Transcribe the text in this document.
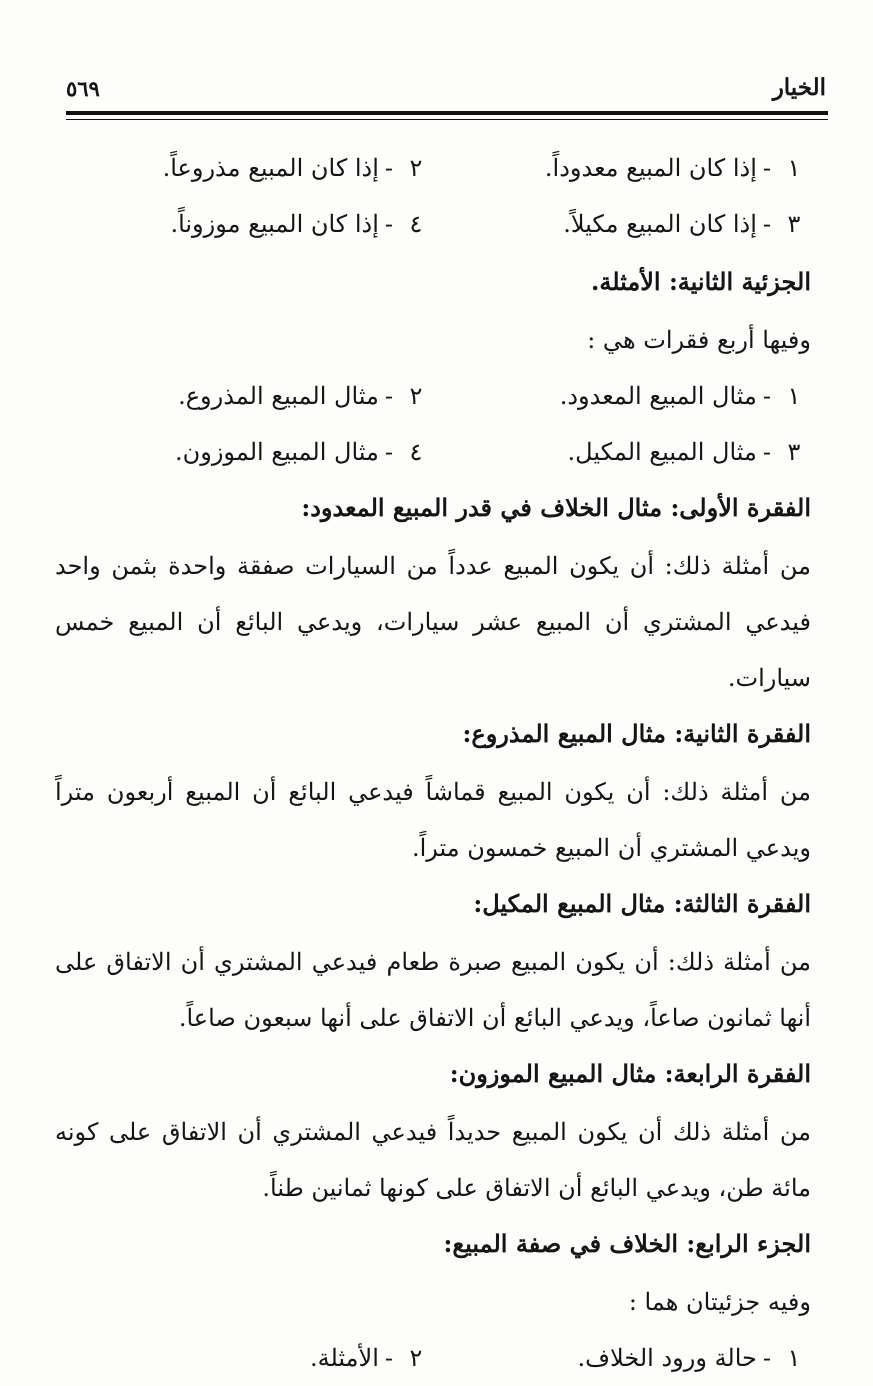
الخيار
٥٦٩
١-إذا كان المبيع معدوداً.
٢-إذا كان المبيع مذروعاً.
٣-إذا كان المبيع مكيلاً.
٤-إذا كان المبيع موزوناً.
الجزئية الثانية: الأمثلة.
وفيها أربع فقرات هي :
١-مثال المبيع المعدود.
٢-مثال المبيع المذروع.
٣-مثال المبيع المكيل.
٤-مثال المبيع الموزون.
الفقرة الأولى: مثال الخلاف في قدر المبيع المعدود:
من أمثلة ذلك: أن يكون المبيع عدداً من السيارات صفقة واحدة بثمن واحد فيدعي المشتري أن المبيع عشر سيارات، ويدعي البائع أن المبيع خمس سيارات.
الفقرة الثانية: مثال المبيع المذروع:
من أمثلة ذلك: أن يكون المبيع قماشاً فيدعي البائع أن المبيع أربعون متراً ويدعي المشتري أن المبيع خمسون متراً.
الفقرة الثالثة: مثال المبيع المكيل:
من أمثلة ذلك: أن يكون المبيع صبرة طعام فيدعي المشتري أن الاتفاق على أنها ثمانون صاعاً، ويدعي البائع أن الاتفاق على أنها سبعون صاعاً.
الفقرة الرابعة: مثال المبيع الموزون:
من أمثلة ذلك أن يكون المبيع حديداً فيدعي المشتري أن الاتفاق على كونه مائة طن، ويدعي البائع أن الاتفاق على كونها ثمانين طناً.
الجزء الرابع: الخلاف في صفة المبيع:
وفيه جزئيتان هما :
١-حالة ورود الخلاف.
٢-الأمثلة.
